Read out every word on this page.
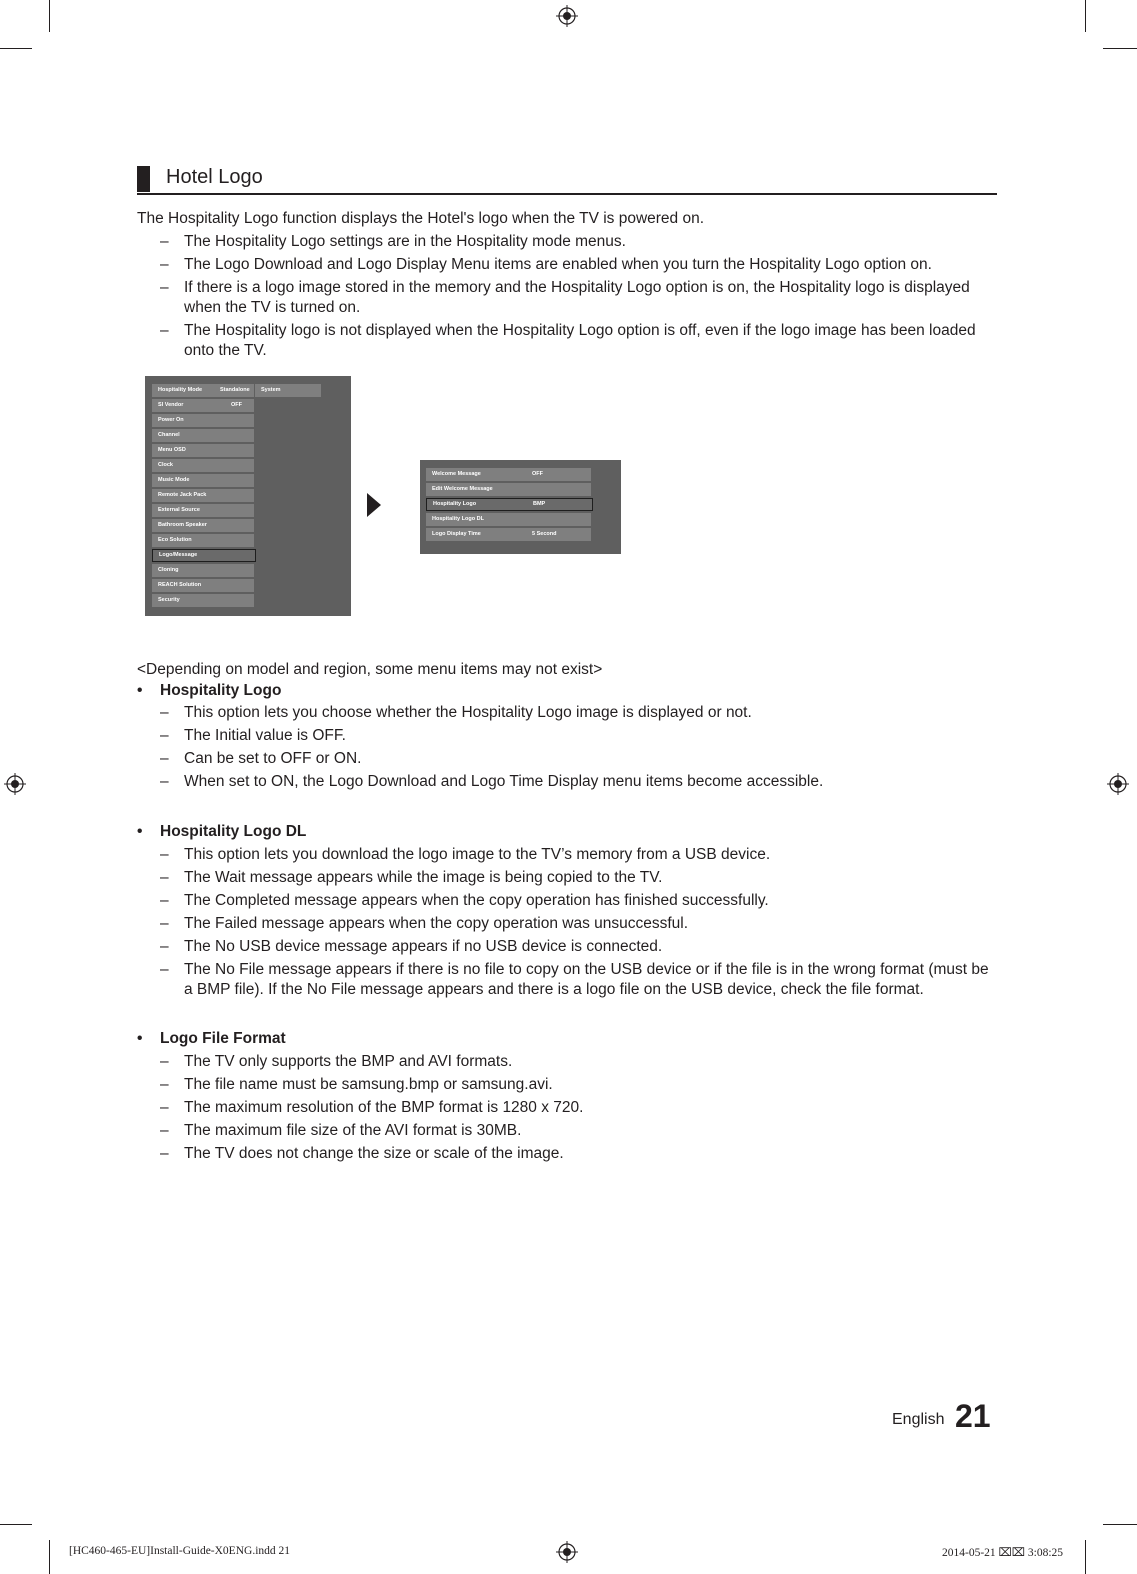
Hotel Logo
The Hospitality Logo function displays the Hotel's logo when the TV is powered on.
– The Hospitality Logo settings are in the Hospitality mode menus.
– The Logo Download and Logo Display Menu items are enabled when you turn the Hospitality Logo option on.
– If there is a logo image stored in the memory and the Hospitality Logo option is on, the Hospitality logo is displayed when the TV is turned on.
– The Hospitality logo is not displayed when the Hospitality Logo option is off, even if the logo image has been loaded onto the TV.
Hospitality Mode	Standalone System
SI Vendor	OFF
Power On
Channel
Menu OSD
Clock
Music Mode
Remote Jack Pack
External Source
Bathroom Speaker
Eco Solution
Logo/Message
Cloning
REACH Solution
Security
Welcome Message	OFF
Edit Welcome Message
Hospitality Logo	BMP
Hospitality Logo DL
Logo Display Time	5 Second
<Depending on model and region, some menu items may not exist>
• Hospitality Logo
– This option lets you choose whether the Hospitality Logo image is displayed or not.
– The Initial value is OFF.
– Can be set to OFF or ON.
– When set to ON, the Logo Download and Logo Time Display menu items become accessible.
• Hospitality Logo DL
– This option lets you download the logo image to the TV’s memory from a USB device.
– The Wait message appears while the image is being copied to the TV.
– The Completed message appears when the copy operation has finished successfully.
– The Failed message appears when the copy operation was unsuccessful.
– The No USB device message appears if no USB device is connected.
– The No File message appears if there is no file to copy on the USB device or if the file is in the wrong format (must be a BMP file). If the No File message appears and there is a logo file on the USB device, check the file format.
• Logo File Format
– The TV only supports the BMP and AVI formats.
– The file name must be samsung.bmp or samsung.avi.
– The maximum resolution of the BMP format is 1280 x 720.
– The maximum file size of the AVI format is 30MB.
– The TV does not change the size or scale of the image.
English 21
[HC460-465-EU]Install-Guide-X0ENG.indd 21	2014-05-21 ⌧⌧ 3:08:25
